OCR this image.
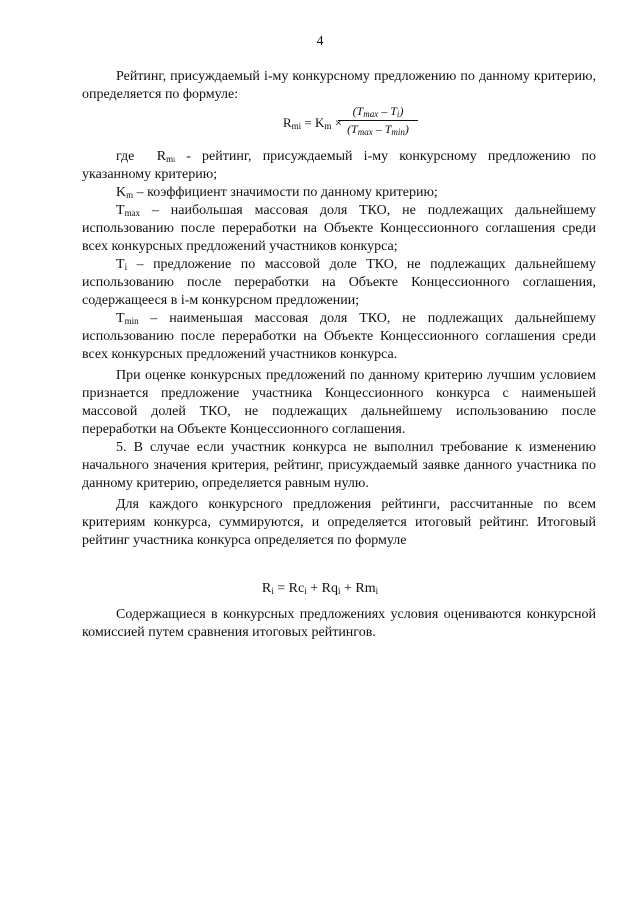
4

Рейтинг, присуждаемый i-му конкурсному предложению по данному критерию, определяется по формуле:

$R_{mi} = K_m$ ×
$(T_{max} - T_i)$
$(T_{max} - T_{min})$

где $R_{mi}$ - рейтинг, присуждаемый i-му конкурсному предложению по указанному критерию;

$K_m$ – коэффициент значимости по данному критерию;

$T_{max}$ – наибольшая массовая доля ТКО, не подлежащих дальнейшему использованию после переработки на Объекте Концессионного соглашения среди всех конкурсных предложений участников конкурса;

$T_i$ – предложение по массовой доле ТКО, не подлежащих дальнейшему использованию после переработки на Объекте Концессионного соглашения, содержащееся в i-м конкурсном предложении;

$T_{min}$ – наименьшая массовая доля ТКО, не подлежащих дальнейшему использованию после переработки на Объекте Концессионного соглашения среди всех конкурсных предложений участников конкурса.

При оценке конкурсных предложений по данному критерию лучшим условием признается предложение участника Концессионного конкурса с наименьшей массовой долей ТКО, не подлежащих дальнейшему использованию после переработки на Объекте Концессионного соглашения.

5. В случае если участник конкурса не выполнил требование к изменению начального значения критерия, рейтинг, присуждаемый заявке данного участника по данному критерию, определяется равным нулю.

Для каждого конкурсного предложения рейтинги, рассчитанные по всем критериям конкурса, суммируются, и определяется итоговый рейтинг. Итоговый рейтинг участника конкурса определяется по формуле

$R_i = Rc_i + Rq_i + Rm_i$

Содержащиеся в конкурсных предложениях условия оцениваются конкурсной комиссией путем сравнения итоговых рейтингов.
